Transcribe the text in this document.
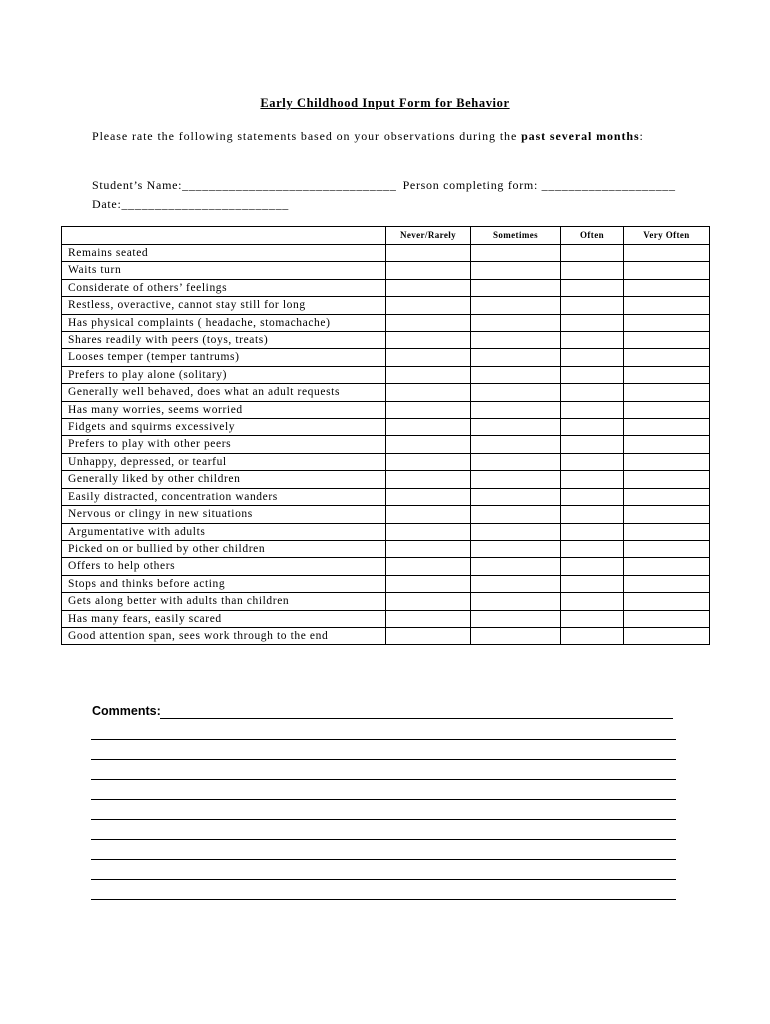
Early Childhood Input Form for Behavior
Please rate the following statements based on your observations during the past several months:
Student’s Name:________________________________ Person completing form: ____________________
Date:_________________________
	Never/Rarely	Sometimes	Often	Very Often
Remains seated				
Waits turn				
Considerate of others’ feelings				
Restless, overactive, cannot stay still for long				
Has physical complaints ( headache, stomachache)				
Shares readily with peers (toys, treats)				
Looses temper (temper tantrums)				
Prefers to play alone (solitary)				
Generally well behaved, does what an adult requests				
Has many worries, seems worried				
Fidgets and squirms excessively				
Prefers to play with other peers				
Unhappy, depressed, or tearful				
Generally liked by other children				
Easily distracted, concentration wanders				
Nervous or clingy in new situations				
Argumentative with adults				
Picked on or bullied by other children				
Offers to help others				
Stops and thinks before acting				
Gets along better with adults than children				
Has many fears, easily scared				
Good attention span, sees work through to the end				
Comments:
